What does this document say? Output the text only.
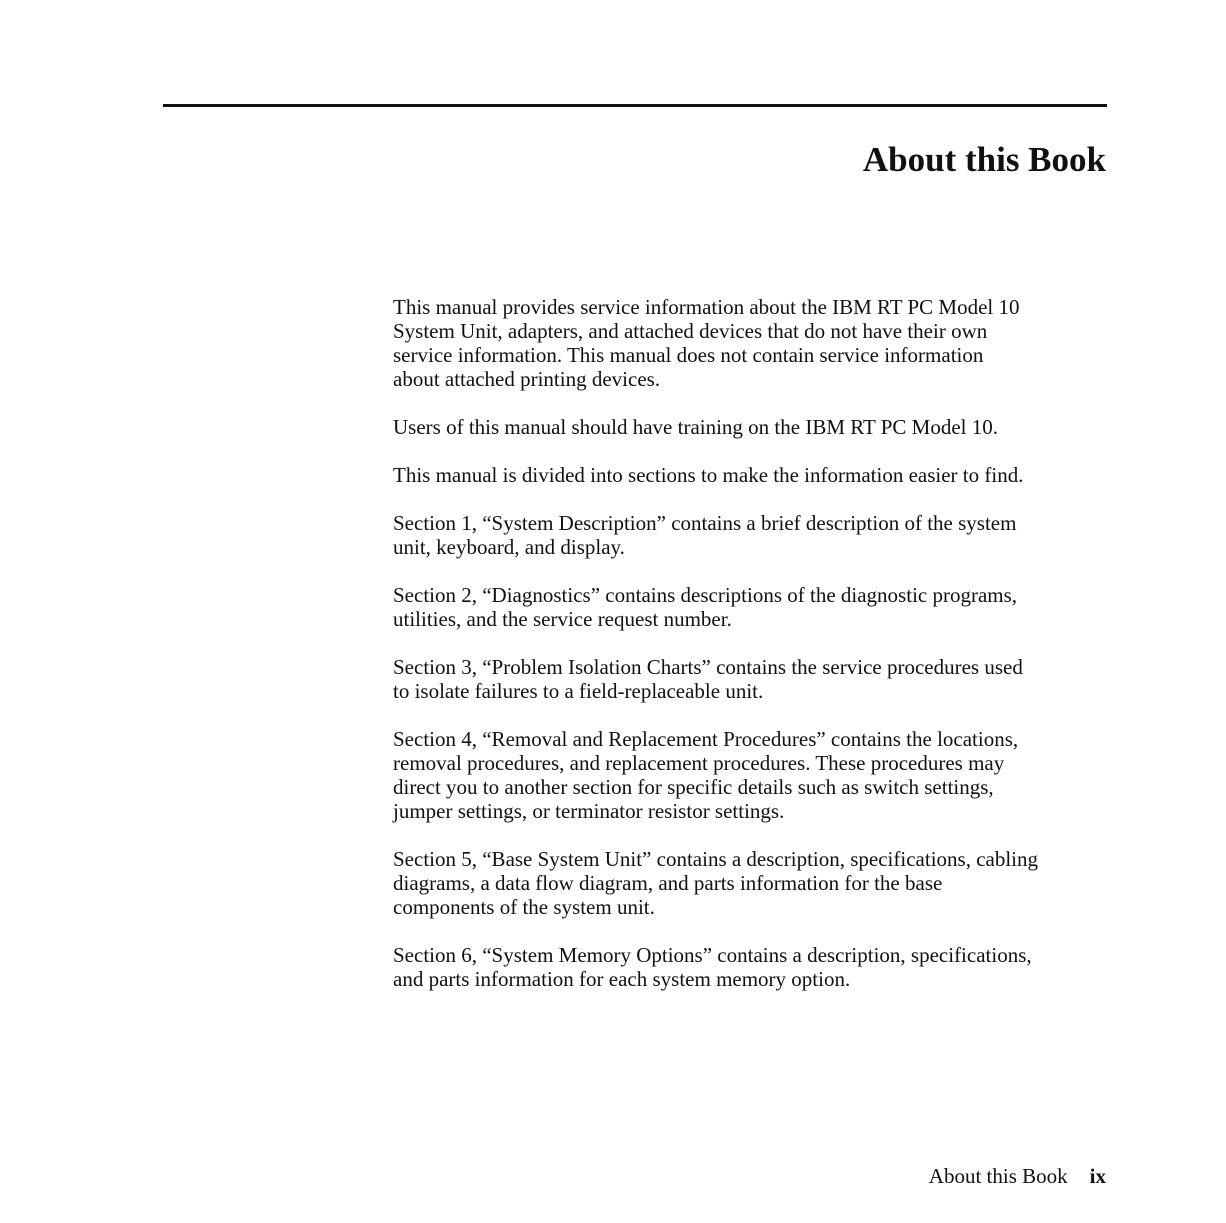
About this Book

This manual provides service information about the IBM RT PC Model 10
System Unit, adapters, and attached devices that do not have their own
service information. This manual does not contain service information
about attached printing devices.

Users of this manual should have training on the IBM RT PC Model 10.

This manual is divided into sections to make the information easier to find.

Section 1, “System Description” contains a brief description of the system
unit, keyboard, and display.

Section 2, “Diagnostics” contains descriptions of the diagnostic programs,
utilities, and the service request number.

Section 3, “Problem Isolation Charts” contains the service procedures used
to isolate failures to a field-replaceable unit.

Section 4, “Removal and Replacement Procedures” contains the locations,
removal procedures, and replacement procedures. These procedures may
direct you to another section for specific details such as switch settings,
jumper settings, or terminator resistor settings.

Section 5, “Base System Unit” contains a description, specifications, cabling
diagrams, a data flow diagram, and parts information for the base
components of the system unit.

Section 6, “System Memory Options” contains a description, specifications,
and parts information for each system memory option.

About this Book ix
